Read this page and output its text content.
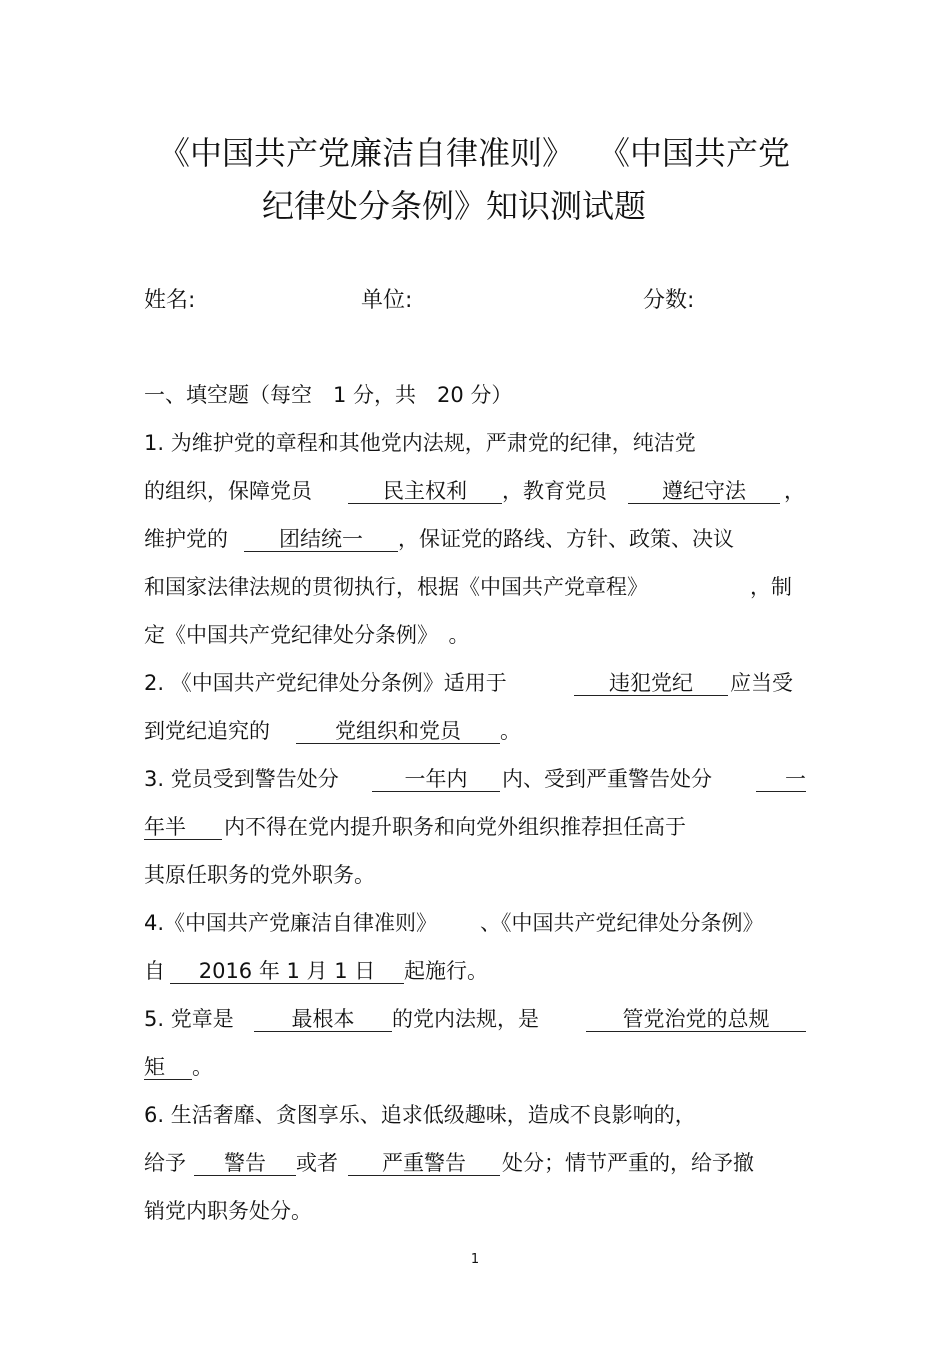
《中国共产党廉洁自律准则》 《中国共产党
纪律处分条例》知识测试题
姓名:	单位:	分数:
一、填空题（每空　1 分，共　20 分）
1. 为维护党的章程和其他党内法规，严肃党的纪律，纯洁党
的组织，保障党员	民主权利	，教育党员	遵纪守法	，
维护党的	团结统一	，保证党的路线、方针、政策、决议
和国家法律法规的贯彻执行，根据《中国共产党章程》	，制
定《中国共产党纪律处分条例》　。
2. 《中国共产党纪律处分条例》适用于	违犯党纪	应当受
到党纪追究的	党组织和党员	。
3. 党员受到警告处分	一年内	内、受到严重警告处分	一
年半	内不得在党内提升职务和向党外组织推荐担任高于
其原任职务的党外职务。
4.《中国共产党廉洁自律准则》 、《中国共产党纪律处分条例》
自	2016 年 1 月 1 日	起施行。
5. 党章是	最根本	的党内法规，是	管党治党的总规
矩	。
6. 生活奢靡、贪图享乐、追求低级趣味，造成不良影响的，
给予	警告	或者	严重警告	处分；情节严重的，给予撤
销党内职务处分。
1
